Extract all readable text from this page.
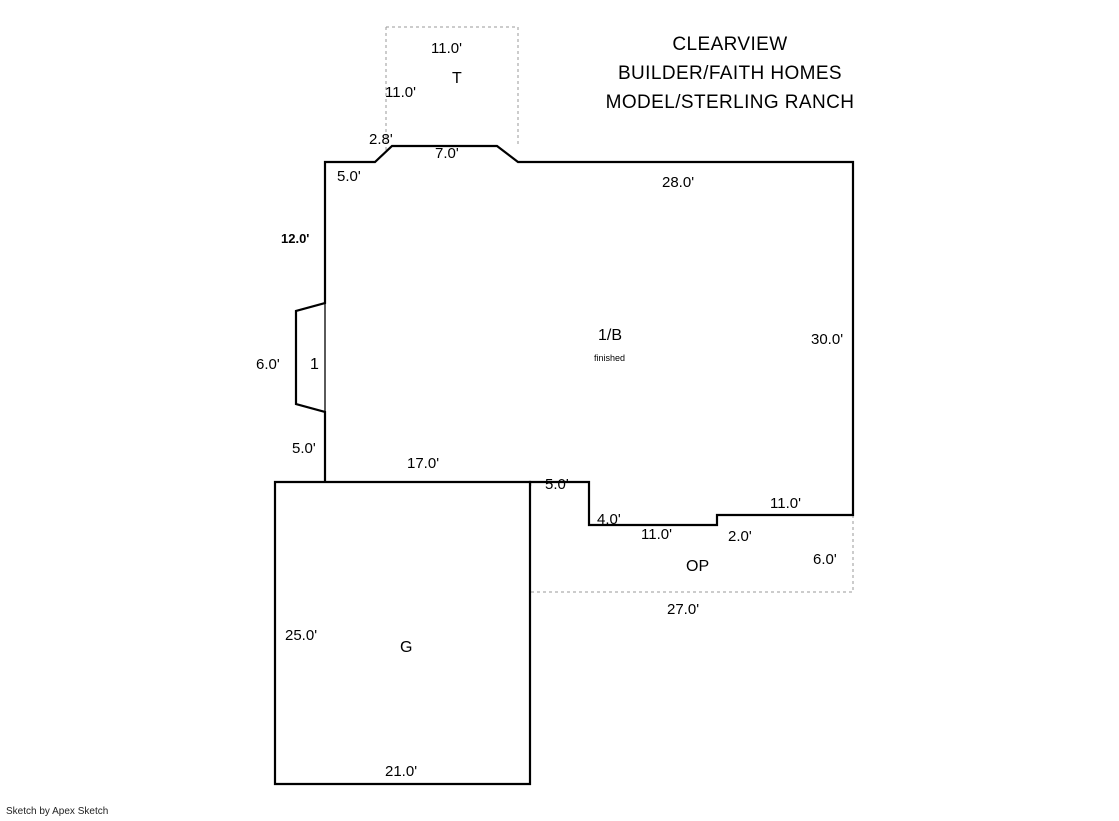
CLEARVIEW
BUILDER/FAITH HOMES
MODEL/STERLING RANCH
T
1/B
finished
1
OP
G
11.0'
11.0'
2.8'
7.0'
5.0'	28.0'
12.0'
30.0'
6.0'
5.0'
17.0'
5.0'
11.0'
4.0'
11.0'	2.0'
6.0'
27.0'
25.0'
21.0'
Sketch by Apex Sketch
